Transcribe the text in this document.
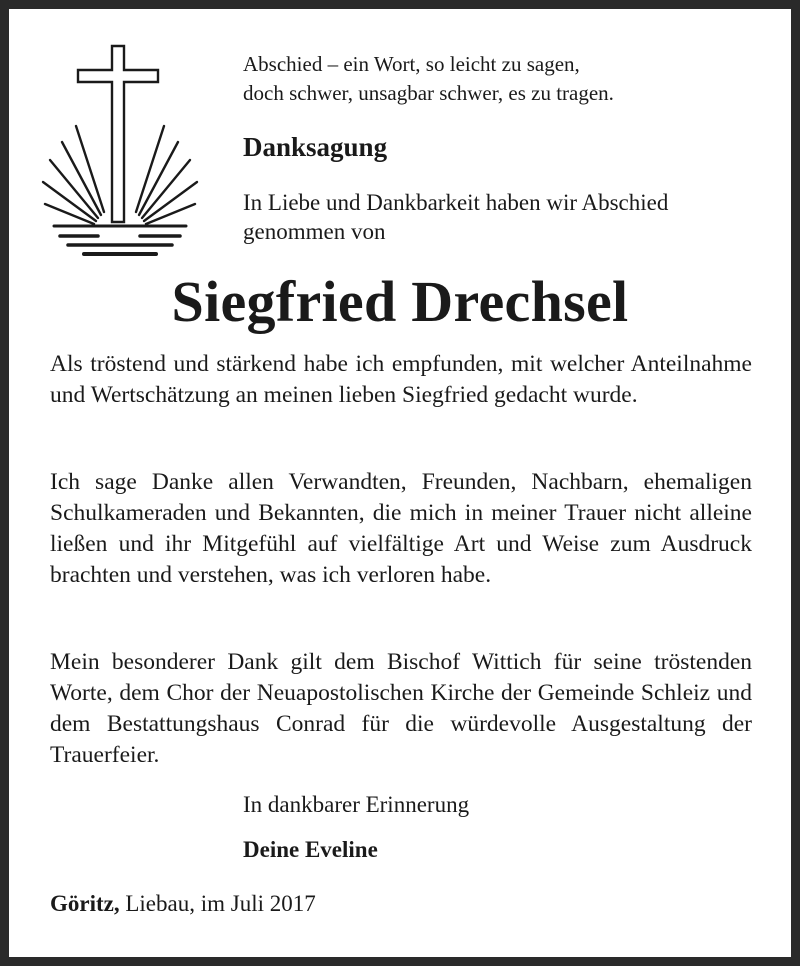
Abschied – ein Wort, so leicht zu sagen,
doch schwer, unsagbar schwer, es zu tragen.
Danksagung
In Liebe und Dankbarkeit haben wir Abschied
genommen von
Siegfried Drechsel

Als tröstend und stärkend habe ich empfunden, mit welcher Anteilnahme und Wertschätzung an meinen lieben Siegfried gedacht wurde.

Ich sage Danke allen Verwandten, Freunden, Nachbarn, ehemaligen Schulkameraden und Bekannten, die mich in meiner Trauer nicht alleine ließen und ihr Mitgefühl auf vielfältige Art und Weise zum Ausdruck brachten und verstehen, was ich verloren habe.

Mein besonderer Dank gilt dem Bischof Wittich für seine tröstenden Worte, dem Chor der Neuapostolischen Kirche der Gemeinde Schleiz und dem Bestattungshaus Conrad für die würdevolle Ausgestaltung der Trauerfeier.

In dankbarer Erinnerung
Deine Eveline
Göritz, Liebau, im Juli 2017
